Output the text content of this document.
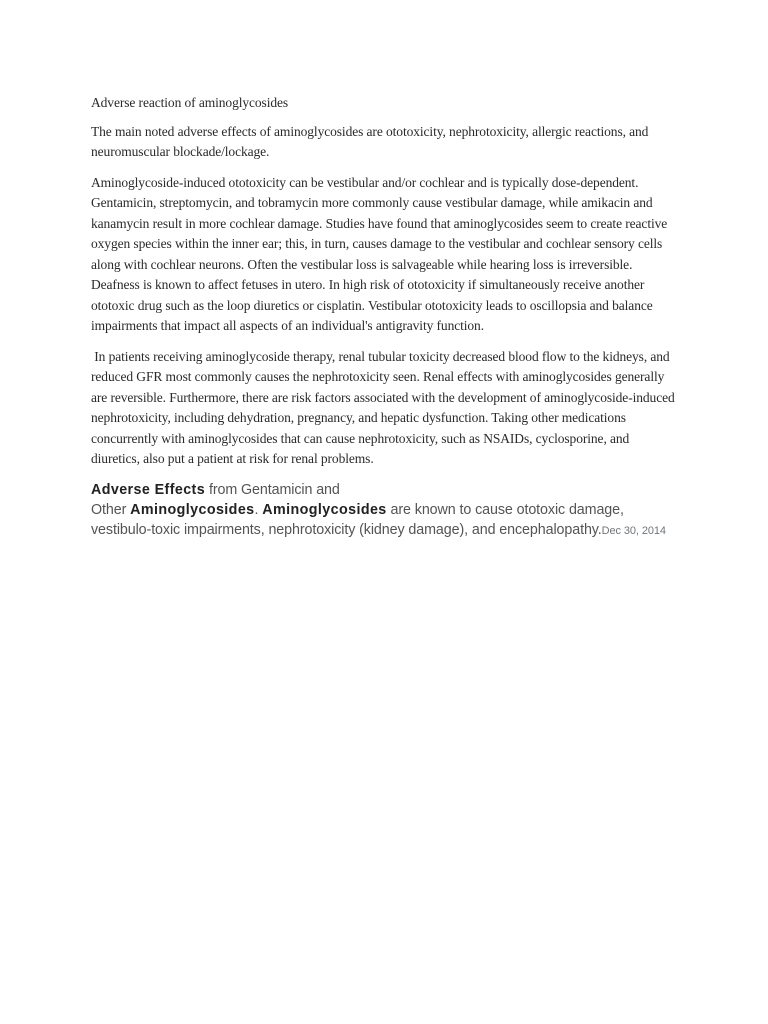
Adverse reaction of aminoglycosides

The main noted adverse effects of aminoglycosides are ototoxicity, nephrotoxicity, allergic reactions, and neuromuscular blockade/lockage.

Aminoglycoside-induced ototoxicity can be vestibular and/or cochlear and is typically dose-dependent. Gentamicin, streptomycin, and tobramycin more commonly cause vestibular damage, while amikacin and kanamycin result in more cochlear damage. Studies have found that aminoglycosides seem to create reactive oxygen species within the inner ear; this, in turn, causes damage to the vestibular and cochlear sensory cells along with cochlear neurons. Often the vestibular loss is salvageable while hearing loss is irreversible. Deafness is known to affect fetuses in utero. In high risk of ototoxicity if simultaneously receive another ototoxic drug such as the loop diuretics or cisplatin. Vestibular ototoxicity leads to oscillopsia and balance impairments that impact all aspects of an individual's antigravity function.

In patients receiving aminoglycoside therapy, renal tubular toxicity decreased blood flow to the kidneys, and reduced GFR most commonly causes the nephrotoxicity seen. Renal effects with aminoglycosides generally are reversible. Furthermore, there are risk factors associated with the development of aminoglycoside-induced nephrotoxicity, including dehydration, pregnancy, and hepatic dysfunction. Taking other medications concurrently with aminoglycosides that can cause nephrotoxicity, such as NSAIDs, cyclosporine, and diuretics, also put a patient at risk for renal problems.

Adverse Effects from Gentamicin and
Other Aminoglycosides. Aminoglycosides are known to cause ototoxic damage, vestibulo-toxic impairments, nephrotoxicity (kidney damage), and encephalopathy.Dec 30, 2014
